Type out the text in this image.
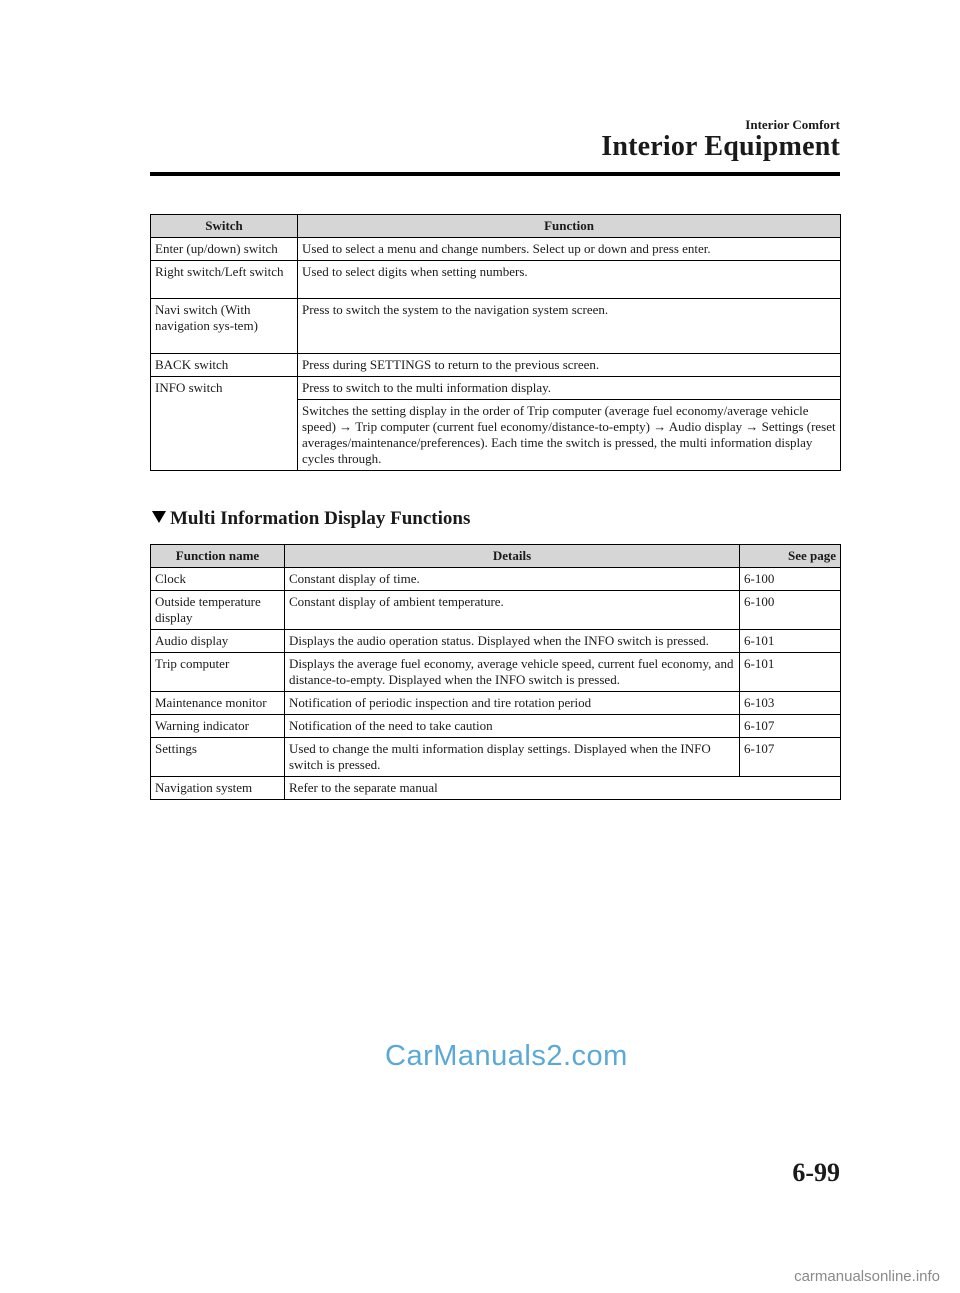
Interior Comfort
Interior Equipment
Switch	Function
Enter (up/down) switch	Used to select a menu and change numbers. Select up or down and press enter.
Right switch/Left switch	Used to select digits when setting numbers.
Navi switch (With navigation sys-tem)	Press to switch the system to the navigation system screen.
BACK switch	Press during SETTINGS to return to the previous screen.
INFO switch	Press to switch to the multi information display.
	Switches the setting display in the order of Trip computer (average fuel economy/average vehicle speed) → Trip computer (current fuel economy/distance-to-empty) → Audio display → Settings (reset averages/maintenance/preferences). Each time the switch is pressed, the multi information display cycles through.
Multi Information Display Functions
Function name	Details	See page
Clock	Constant display of time.	6-100
Outside temperature display	Constant display of ambient temperature.	6-100
Audio display	Displays the audio operation status. Displayed when the INFO switch is pressed.	6-101
Trip computer	Displays the average fuel economy, average vehicle speed, current fuel economy, and distance-to-empty. Displayed when the INFO switch is pressed.	6-101
Maintenance monitor	Notification of periodic inspection and tire rotation period	6-103
Warning indicator	Notification of the need to take caution	6-107
Settings	Used to change the multi information display settings. Displayed when the INFO switch is pressed.	6-107
Navigation system	Refer to the separate manual	
CarManuals2.com
6-99
carmanualsonline.info
